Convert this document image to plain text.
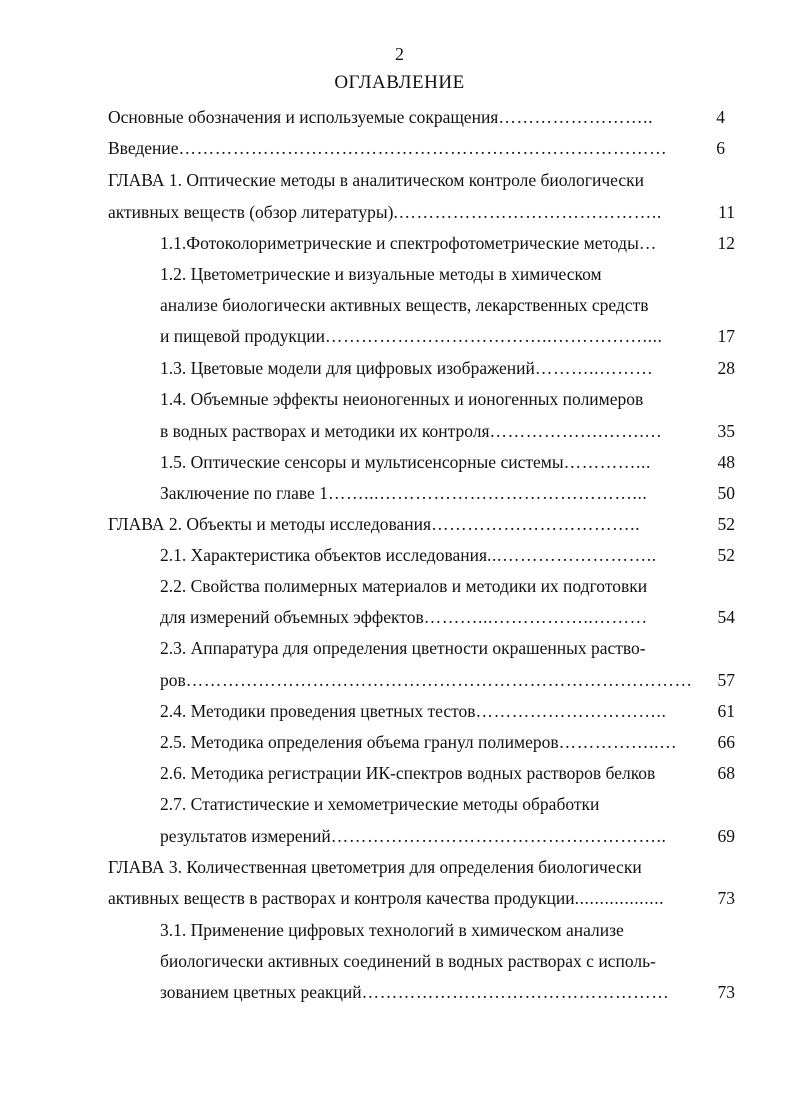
2
ОГЛАВЛЕНИЕ
Основные обозначения и используемые сокращения ……………………..	4
Введение ………………………………………………………………………	6
ГЛАВА 1. Оптические методы в аналитическом контроле биологически
активных веществ (обзор литературы) .……………………………………..	11
1.1.Фотоколориметрические и спектрофотометрические методы …	12
1.2. Цветометрические и визуальные методы в химическом
анализе биологически активных веществ, лекарственных средств
и пищевой продукции ………………………………..……………....	17
1.3. Цветовые модели для цифровых изображений ………..………	28
1.4. Объемные эффекты неионогенных и ионогенных полимеров
в водных растворах и методики их контроля ……………….…….…	35
1.5. Оптические сенсоры и мультисенсорные системы …………...	48
Заключение по главе 1 ……...……………………………………...	50
ГЛАВА 2. Объекты и методы исследования ……………………………..	52
2.1. Характеристика объектов исследования ...……………………..	52
2.2. Свойства полимерных материалов и методики их подготовки
для измерений объемных эффектов ………...……………..………	54
2.3. Аппаратура для определения цветности окрашенных раство-
ров …………………………………………………………………………	57
2.4. Методики проведения цветных тестов …………………………..	61
2.5. Методика определения объема гранул полимеров ……………..…	66
2.6. Методика регистрации ИК-спектров водных растворов белков	68
2.7. Статистические и хемометрические методы обработки
результатов измерений ………………………………………………..	69
ГЛАВА 3. Количественная цветометрия для определения биологически
активных веществ в растворах и контроля качества продукции ..................	73
3.1. Применение цифровых технологий в химическом анализе
биологически активных соединений в водных растворах с исполь-
зованием цветных реакций ……………………………………………	73
